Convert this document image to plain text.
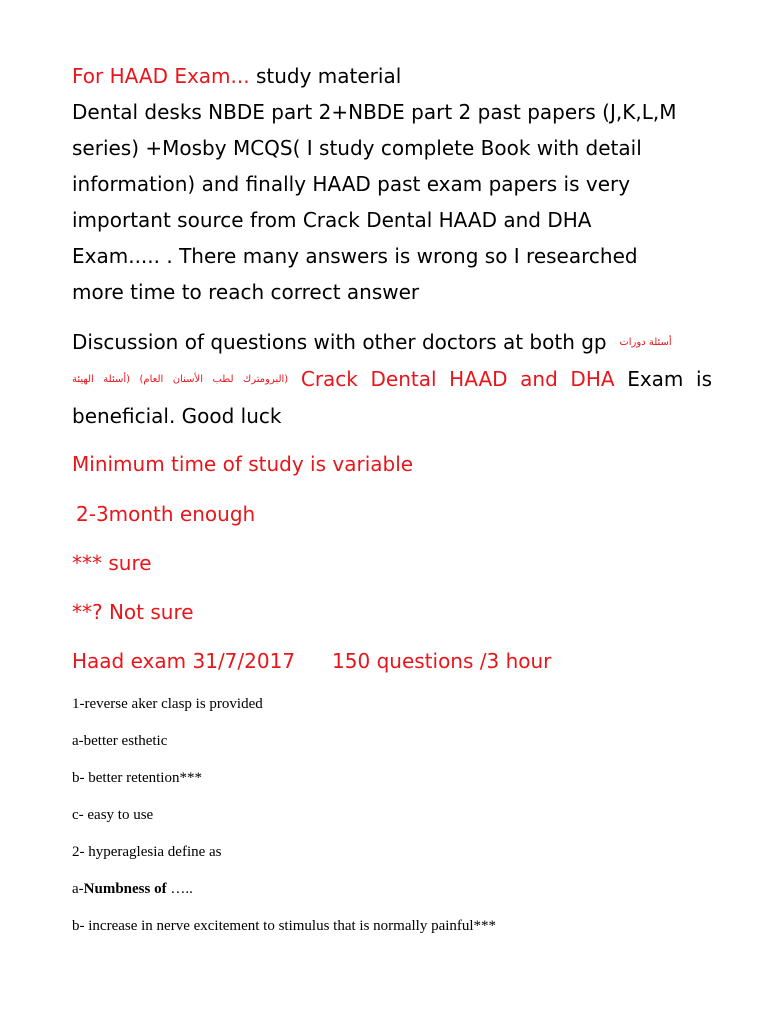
For HAAD Exam... study material
Dental desks NBDE part 2+NBDE part 2 past papers (J,K,L,M
series) +Mosby MCQS( I study complete Book with detail
information) and finally HAAD past exam papers is very
important source from Crack Dental HAAD and DHA
Exam..... . There many answers is wrong so I researched
more time to reach correct answer
Discussion of questions with other doctors at both gp $^{أسئلة دورات}$
$^{(البرومترك لطب الأسنان العام) (أسئلة الهيئة}$ Crack Dental HAAD and DHA Exam is
beneficial. Good luck
Minimum time of study is variable
2-3month enough
*** sure
**? Not sure
Haad exam 31/7/2017 150 questions /3 hour
1-reverse aker clasp is provided
a-better esthetic
b- better retention***
c- easy to use
2- hyperaglesia define as
a-Numbness of …..
b- increase in nerve excitement to stimulus that is normally painful***
